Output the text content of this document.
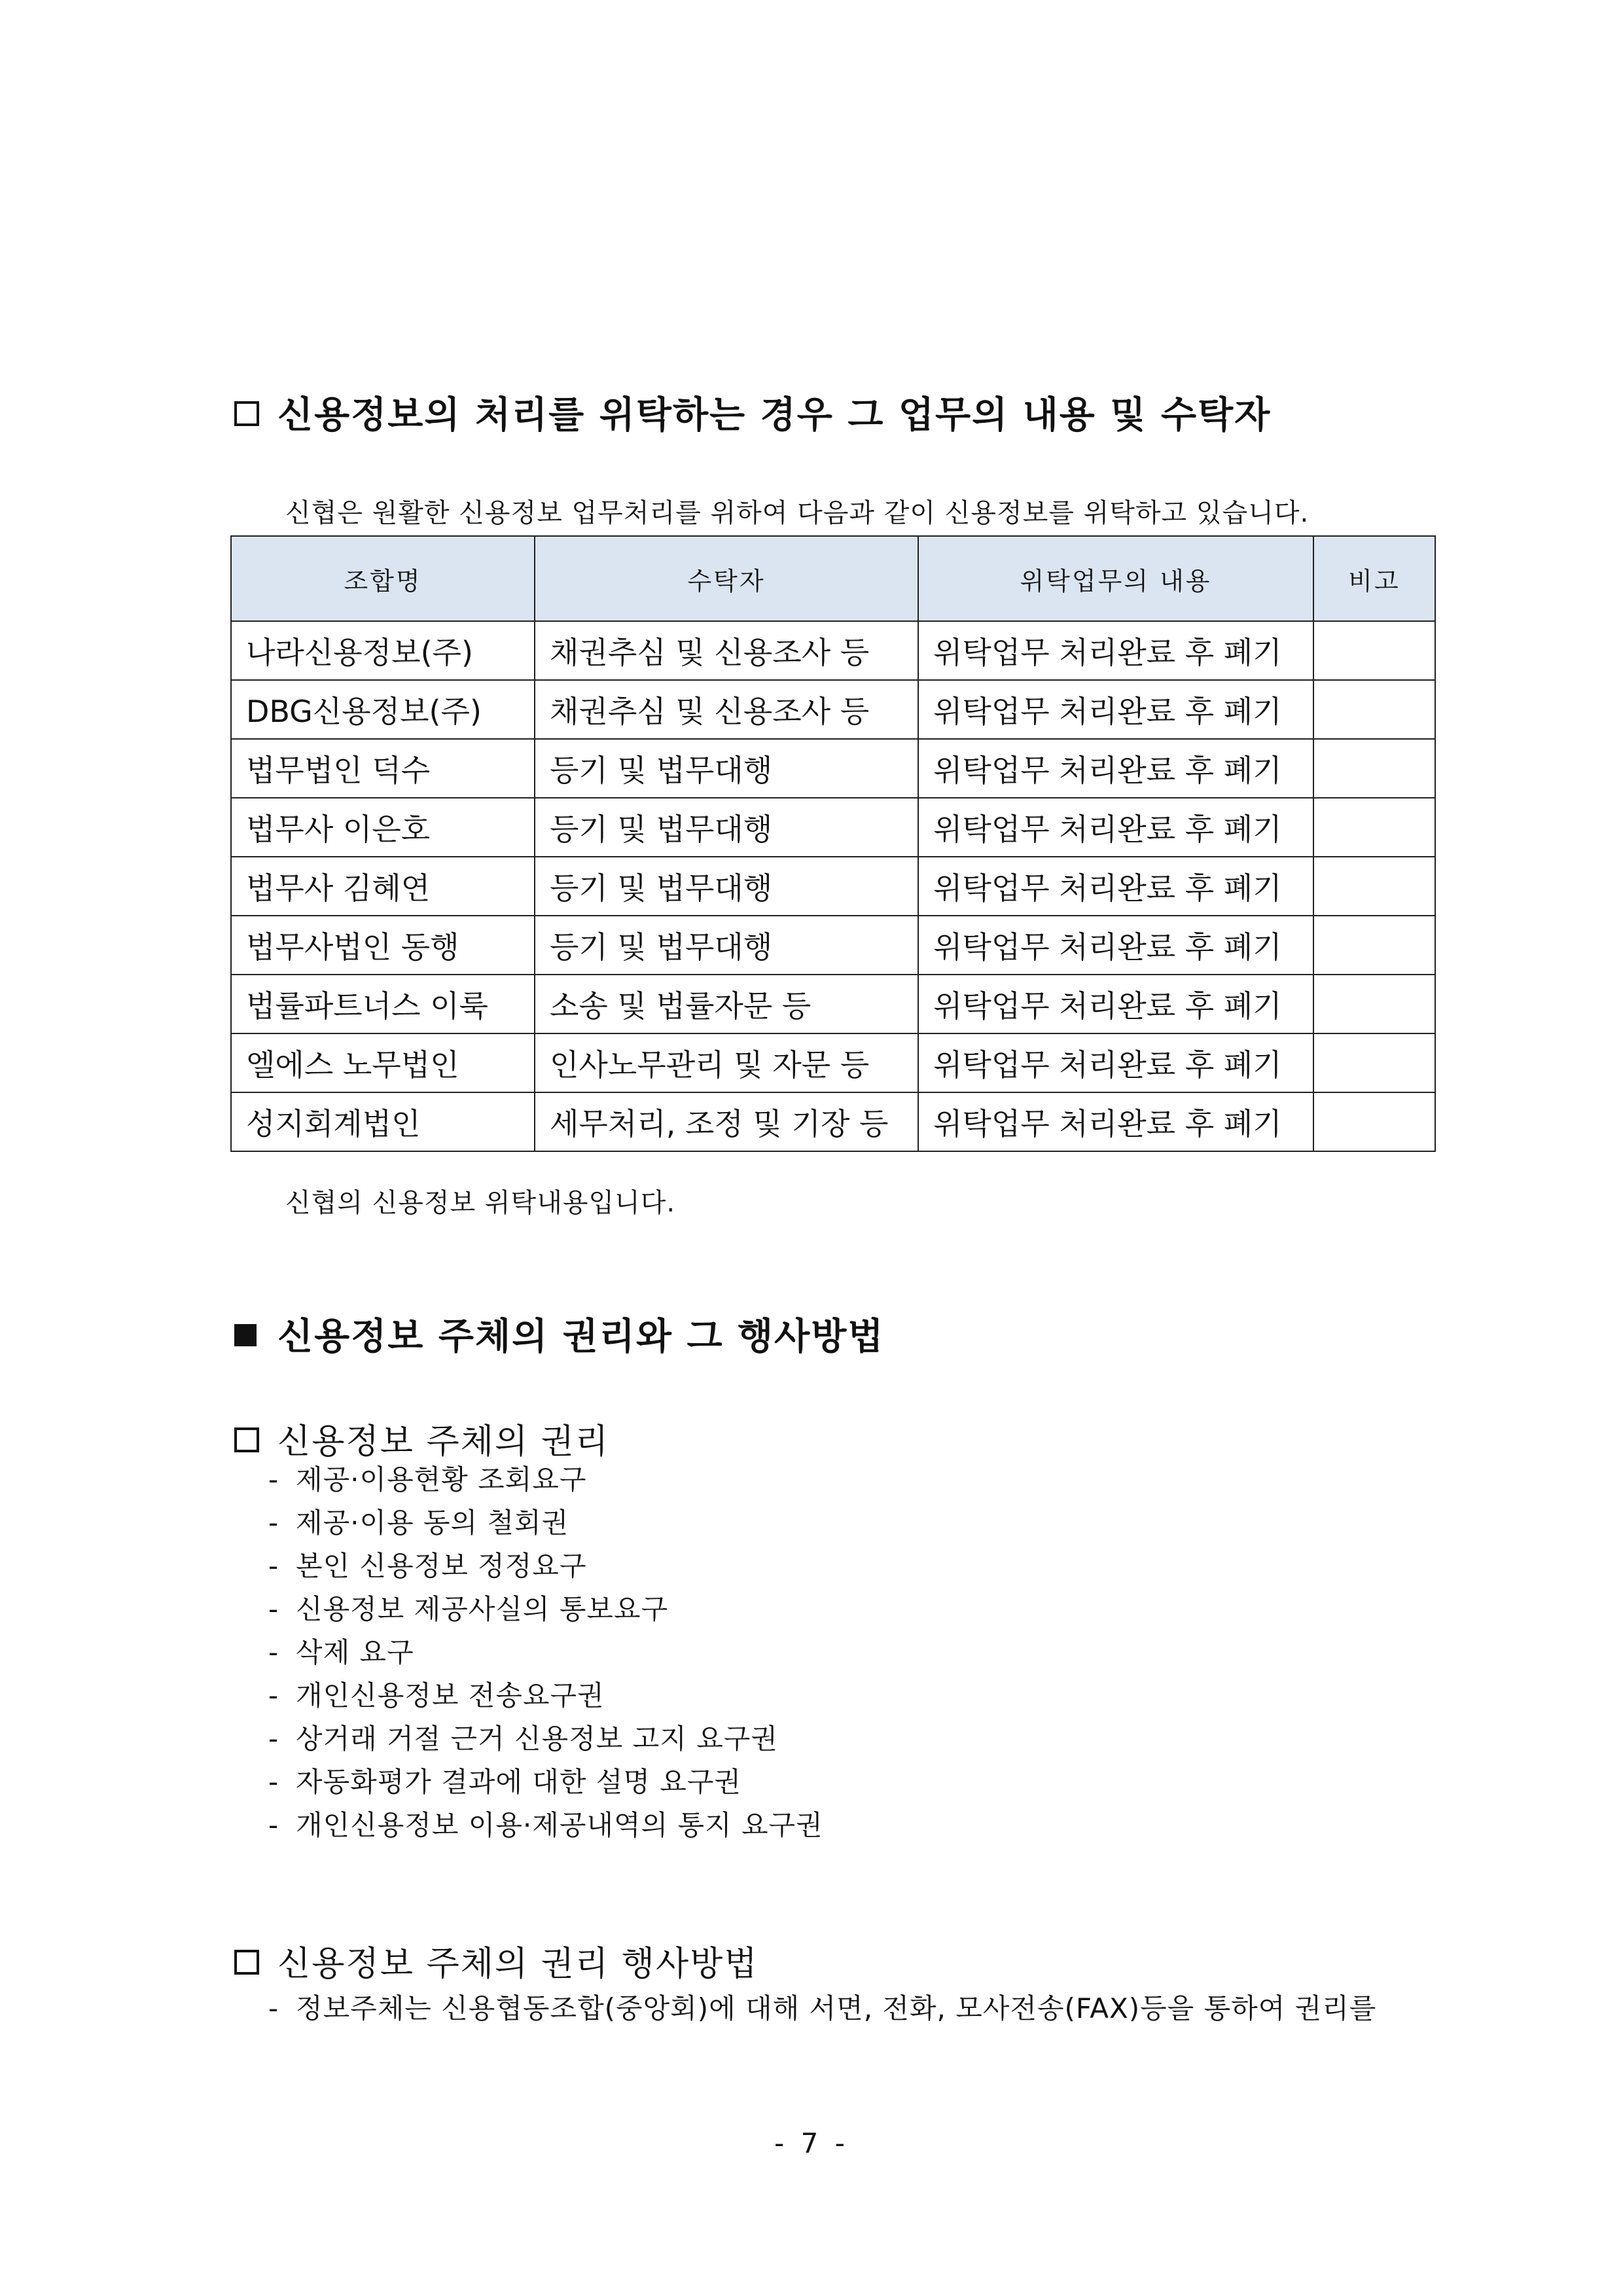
신용정보의 처리를 위탁하는 경우 그 업무의 내용 및 수탁자
신협은 원활한 신용정보 업무처리를 위하여 다음과 같이 신용정보를 위탁하고 있습니다.
조합명	수탁자	위탁업무의 내용	비고
나라신용정보(주)	채권추심 및 신용조사 등	위탁업무 처리완료 후 폐기	
DBG신용정보(주)	채권추심 및 신용조사 등	위탁업무 처리완료 후 폐기	
법무법인 덕수	등기 및 법무대행	위탁업무 처리완료 후 폐기	
법무사 이은호	등기 및 법무대행	위탁업무 처리완료 후 폐기	
법무사 김혜연	등기 및 법무대행	위탁업무 처리완료 후 폐기	
법무사법인 동행	등기 및 법무대행	위탁업무 처리완료 후 폐기	
법률파트너스 이룩	소송 및 법률자문 등	위탁업무 처리완료 후 폐기	
엘에스 노무법인	인사노무관리 및 자문 등	위탁업무 처리완료 후 폐기	
성지회계법인	세무처리, 조정 및 기장 등	위탁업무 처리완료 후 폐기	
신협의 신용정보 위탁내용입니다.
신용정보 주체의 권리와 그 행사방법
신용정보 주체의 권리
- 제공·이용현황 조회요구
- 제공·이용 동의 철회권
- 본인 신용정보 정정요구
- 신용정보 제공사실의 통보요구
- 삭제 요구
- 개인신용정보 전송요구권
- 상거래 거절 근거 신용정보 고지 요구권
- 자동화평가 결과에 대한 설명 요구권
- 개인신용정보 이용·제공내역의 통지 요구권
신용정보 주체의 권리 행사방법
- 정보주체는 신용협동조합(중앙회)에 대해 서면, 전화, 모사전송(FAX)등을 통하여 권리를
- 7 -
